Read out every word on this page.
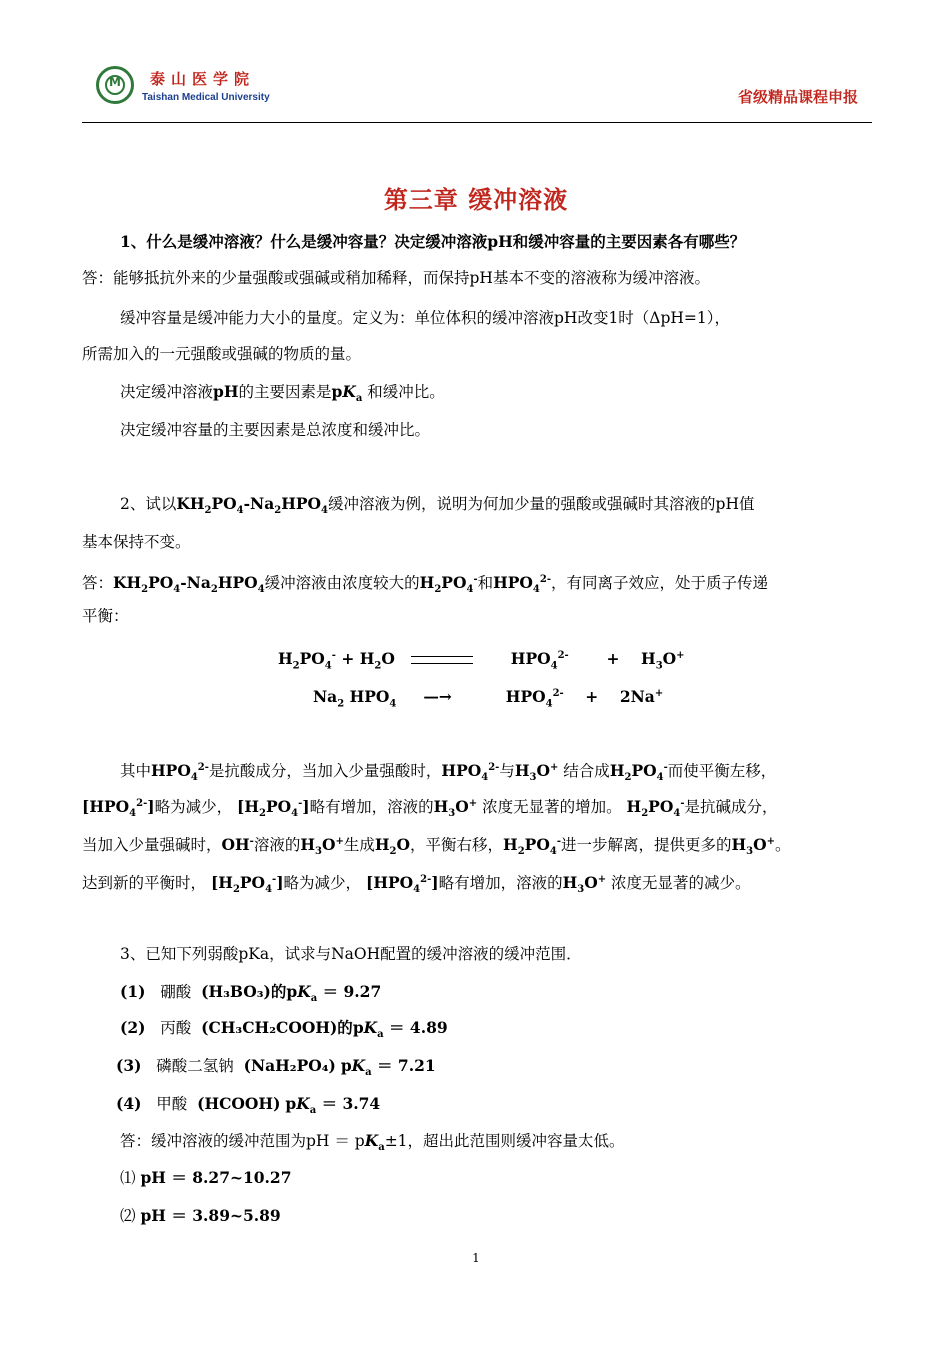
M	泰山医学院
Taishan Medical University	省级精品课程申报
第三章 缓冲溶液
1、什么是缓冲溶液？什么是缓冲容量？决定缓冲溶液pH和缓冲容量的主要因素各有哪些？
答：能够抵抗外来的少量强酸或强碱或稍加稀释，而保持pH基本不变的溶液称为缓冲溶液。
缓冲容量是缓冲能力大小的量度。定义为：单位体积的缓冲溶液pH改变1时（ΔpH=1），
所需加入的一元强酸或强碱的物质的量。
决定缓冲溶液pH的主要因素是$pK_a$ 和缓冲比。
决定缓冲容量的主要因素是总浓度和缓冲比。
2、试以$KH_2PO_4-Na_2HPO_4$缓冲溶液为例，说明为何加少量的强酸或强碱时其溶液的pH值
基本保持不变。
答：$KH_2PO_4-Na_2HPO_4$缓冲溶液由浓度较大的$H_2PO_4^-$和$HPO_4^{2-}$，有同离子效应，处于质子传递
平衡：
$H_2PO_4^- + H_2O$	$HPO_4^{2-}$       +    $H_3O^+$
$Na_2$ $HPO_4$ —→          $HPO_4^{2-}$    +    2Na+
其中$HPO_4^{2-}$是抗酸成分，当加入少量强酸时，$HPO_4^{2-}$与$H_3O^+$ 结合成$H_2PO_4^-$而使平衡左移，
$[HPO_4^{2-}]$略为减少， $[H_2PO_4^-]$略有增加，溶液的$H_3O^+$ 浓度无显著的增加。 $H_2PO_4^-$是抗碱成分，
当加入少量强碱时，OH-溶液的$H_3O^+$生成$H_2O$，平衡右移，$H_2PO_4^-$进一步解离，提供更多的$H_3O^+$。
达到新的平衡时， $[H_2PO_4^-]$略为减少， $[HPO_4^{2-}]$略有增加，溶液的$H_3O^+$ 浓度无显著的减少。
3、已知下列弱酸pKa，试求与NaOH配置的缓冲溶液的缓冲范围．
(1) 硼酸 (H₃BO₃)的$pK_a = 9.27$
(2) 丙酸 (CH₃CH₂COOH)的$pK_a = 4.89$
(3) 磷酸二氢钠 (NaH₂PO₄) $pK_a = 7.21$
(4) 甲酸 (HCOOH) $pK_a = 3.74$
答：缓冲溶液的缓冲范围为pH ＝ $pK_a\pm 1$，超出此范围则缓冲容量太低。
⑴ pH ＝ 8.27~10.27
⑵ pH ＝ 3.89~5.89
1
